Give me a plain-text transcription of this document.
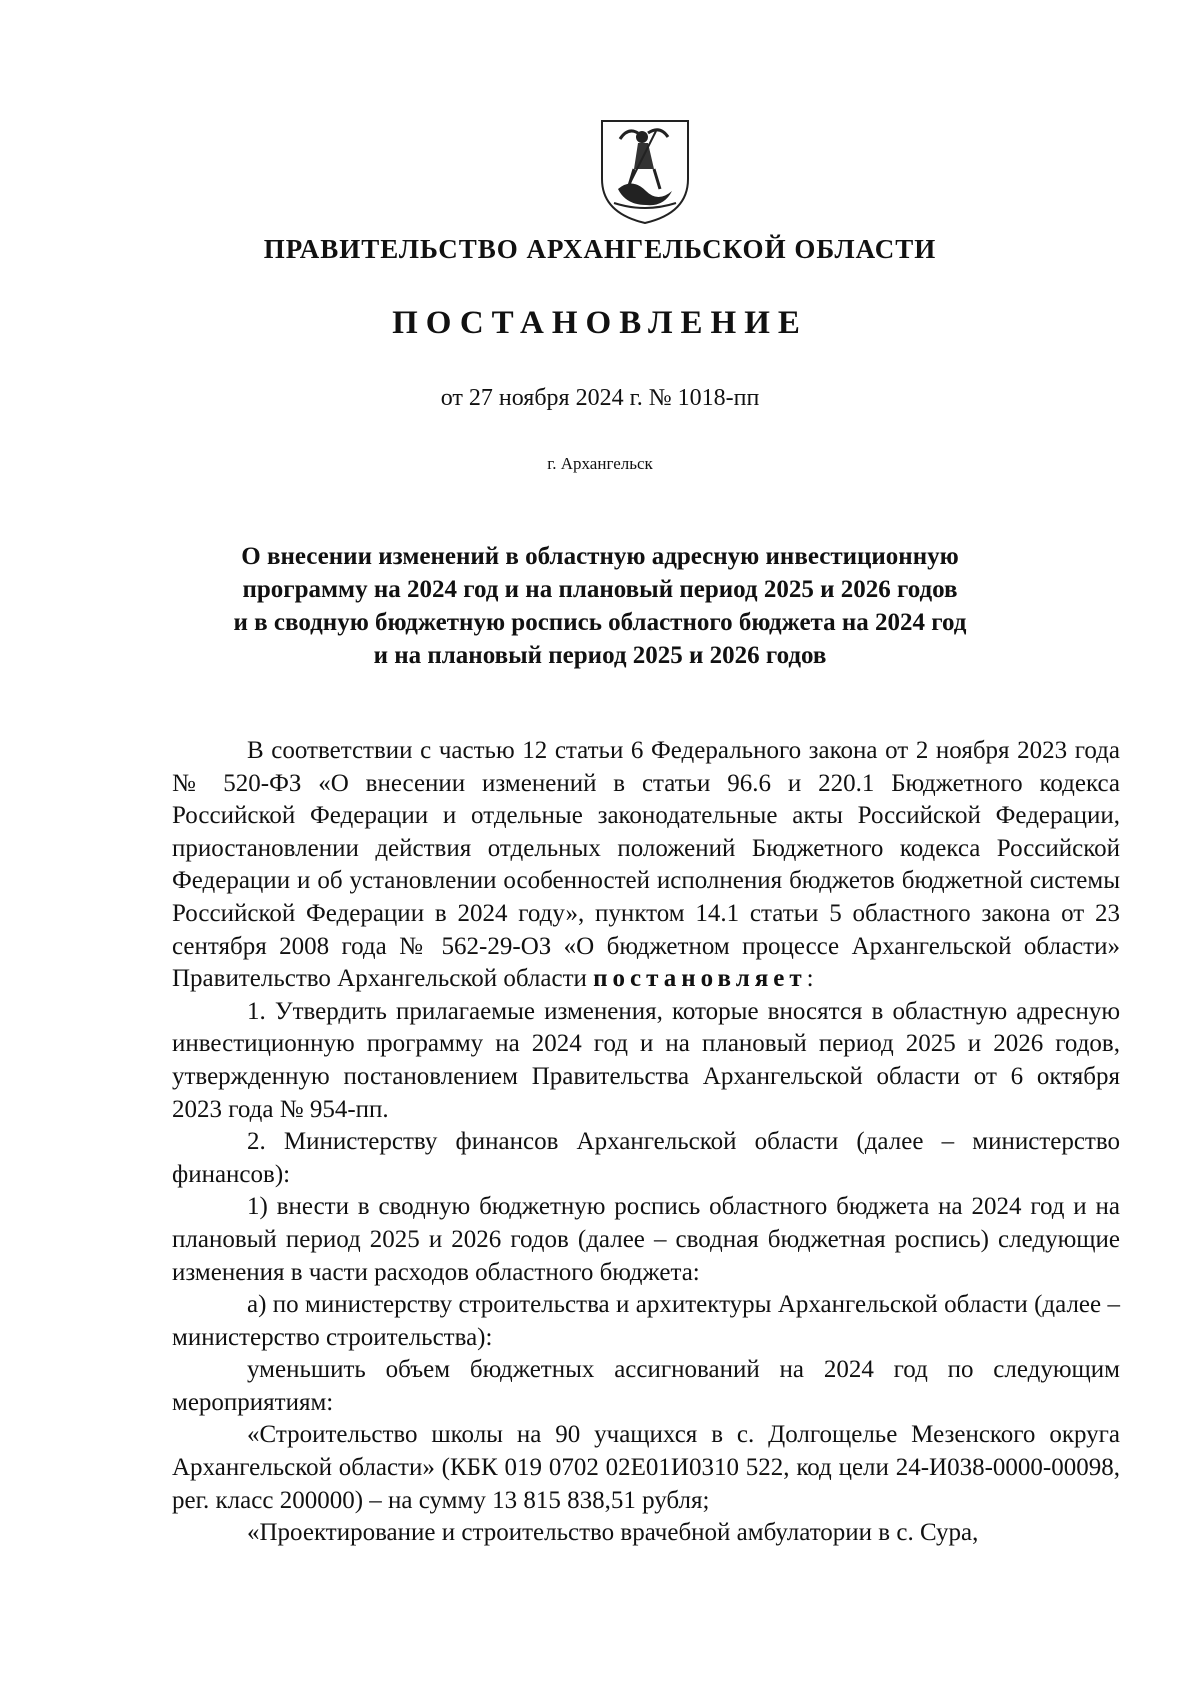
ПРАВИТЕЛЬСТВО АРХАНГЕЛЬСКОЙ ОБЛАСТИ
ПОСТАНОВЛЕНИЕ
от 27 ноября 2024 г. № 1018-пп
г. Архангельск
О внесении изменений в областную адресную инвестиционную
программу на 2024 год и на плановый период 2025 и 2026 годов
и в сводную бюджетную роспись областного бюджета на 2024 год
и на плановый период 2025 и 2026 годов

В соответствии с частью 12 статьи 6 Федерального закона от 2 ноября 2023 года № 520-ФЗ «О внесении изменений в статьи 96.6 и 220.1 Бюджетного кодекса Российской Федерации и отдельные законодательные акты Российской Федерации, приостановлении действия отдельных положений Бюджетного кодекса Российской Федерации и об установлении особенностей исполнения бюджетов бюджетной системы Российской Федерации в 2024 году», пунктом 14.1 статьи 5 областного закона от 23 сентября 2008 года № 562-29-ОЗ «О бюджетном процессе Архангельской области» Правительство Архангельской области постановляет:

1. Утвердить прилагаемые изменения, которые вносятся в областную адресную инвестиционную программу на 2024 год и на плановый период 2025 и 2026 годов, утвержденную постановлением Правительства Архангельской области от 6 октября 2023 года № 954-пп.

2. Министерству финансов Архангельской области (далее – министерство финансов):

1) внести в сводную бюджетную роспись областного бюджета на 2024 год и на плановый период 2025 и 2026 годов (далее – сводная бюджетная роспись) следующие изменения в части расходов областного бюджета:

а) по министерству строительства и архитектуры Архангельской области (далее – министерство строительства):

уменьшить объем бюджетных ассигнований на 2024 год по следующим мероприятиям:

«Строительство школы на 90 учащихся в с. Долгощелье Мезенского округа Архангельской области» (КБК 019 0702 02Е01И0310 522, код цели 24-И038-0000-00098, рег. класс 200000) – на сумму 13 815 838,51 рубля;

«Проектирование и строительство врачебной амбулатории в с. Сура,
